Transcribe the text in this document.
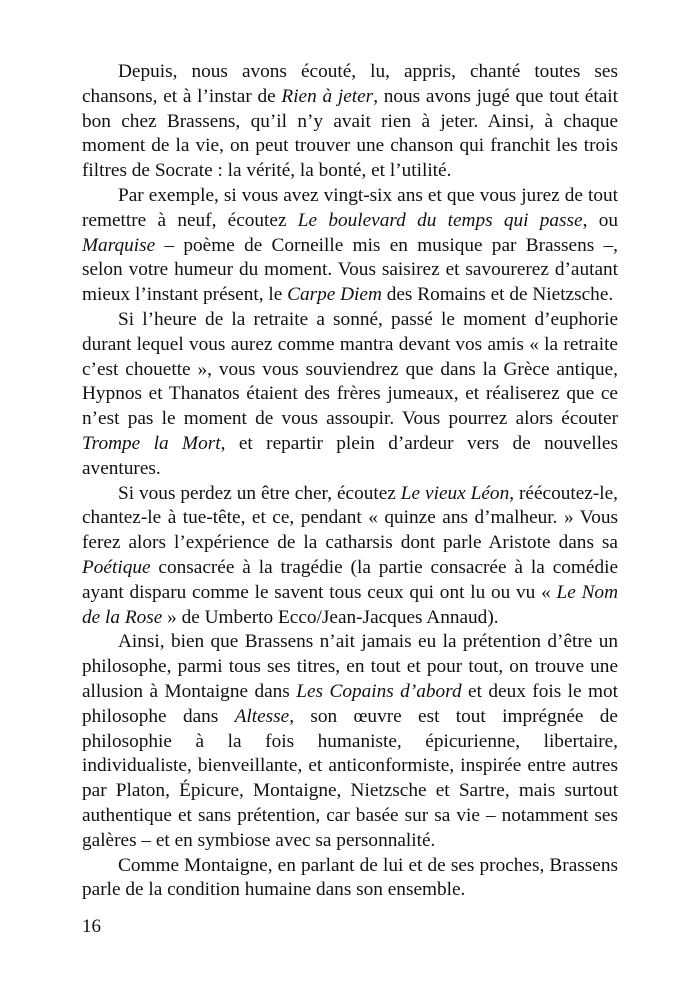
Depuis, nous avons écouté, lu, appris, chanté toutes ses chansons, et à l’instar de Rien à jeter, nous avons jugé que tout était bon chez Brassens, qu’il n’y avait rien à jeter. Ainsi, à chaque moment de la vie, on peut trouver une chanson qui franchit les trois filtres de Socrate : la vérité, la bonté, et l’utilité.

Par exemple, si vous avez vingt-six ans et que vous jurez de tout remettre à neuf, écoutez Le boulevard du temps qui passe, ou Marquise – poème de Corneille mis en musique par Brassens –, selon votre humeur du moment. Vous saisirez et savourerez d’autant mieux l’instant présent, le Carpe Diem des Romains et de Nietzsche.

Si l’heure de la retraite a sonné, passé le moment d’euphorie durant lequel vous aurez comme mantra devant vos amis « la retraite c’est chouette », vous vous souviendrez que dans la Grèce antique, Hypnos et Thanatos étaient des frères jumeaux, et réaliserez que ce n’est pas le moment de vous assoupir. Vous pourrez alors écouter Trompe la Mort, et repartir plein d’ardeur vers de nouvelles aventures.

Si vous perdez un être cher, écoutez Le vieux Léon, réécoutez-le, chantez-le à tue-tête, et ce, pendant « quinze ans d’malheur. » Vous ferez alors l’expérience de la catharsis dont parle Aristote dans sa Poétique consacrée à la tragédie (la partie consacrée à la comédie ayant disparu comme le savent tous ceux qui ont lu ou vu « Le Nom de la Rose » de Umberto Ecco/Jean-Jacques Annaud).

Ainsi, bien que Brassens n’ait jamais eu la prétention d’être un philosophe, parmi tous ses titres, en tout et pour tout, on trouve une allusion à Montaigne dans Les Copains d’abord et deux fois le mot philosophe dans Altesse, son œuvre est tout imprégnée de philosophie à la fois humaniste, épicurienne, libertaire, individualiste, bienveillante, et anticonformiste, inspirée entre autres par Platon, Épicure, Montaigne, Nietzsche et Sartre, mais surtout authentique et sans prétention, car basée sur sa vie – notamment ses galères – et en symbiose avec sa personnalité.

Comme Montaigne, en parlant de lui et de ses proches, Brassens parle de la condition humaine dans son ensemble.

16
